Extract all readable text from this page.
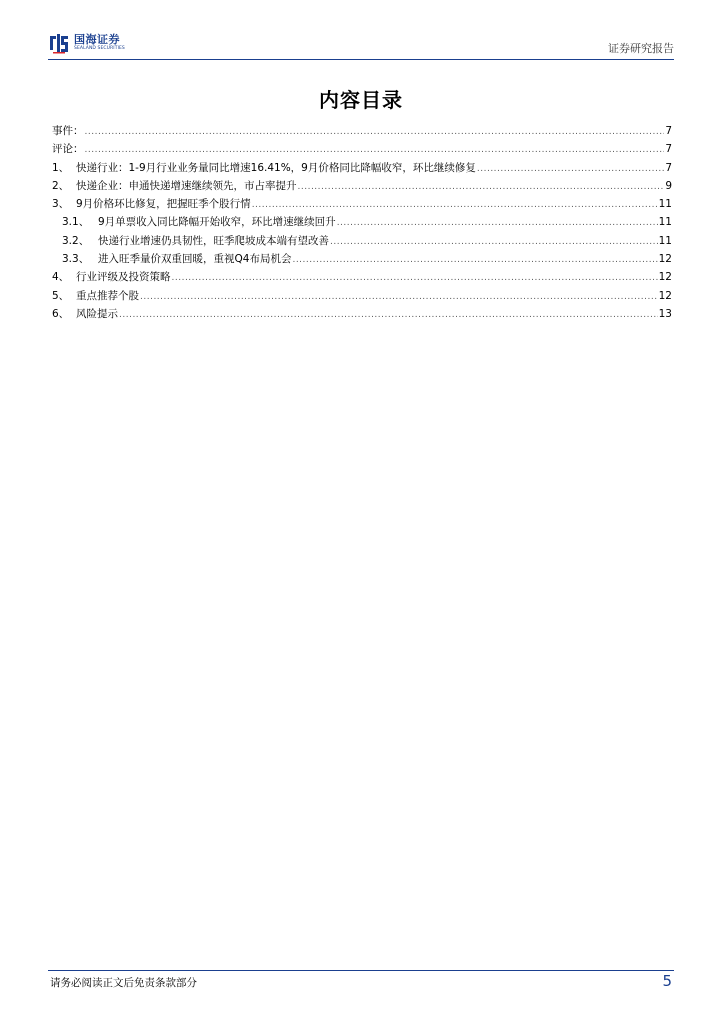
国海证券
SEALAND SECURITIES	证券研究报告
内容目录
事件： .....	7
评论： .....	7
1、 快递行业：1-9月行业业务量同比增速16.41%，9月价格同比降幅收窄，环比继续修复 .....	7
2、 快递企业：申通快递增速继续领先，市占率提升 .....	9
3、 9月价格环比修复，把握旺季个股行情 .....	11
3.1、 9月单票收入同比降幅开始收窄，环比增速继续回升 .....	11
3.2、 快递行业增速仍具韧性，旺季爬坡成本端有望改善 .....	11
3.3、 进入旺季量价双重回暖，重视Q4布局机会 .....	12
4、 行业评级及投资策略 .....	12
5、 重点推荐个股 .....	12
6、 风险提示 .....	13
请务必阅读正文后免责条款部分	5
